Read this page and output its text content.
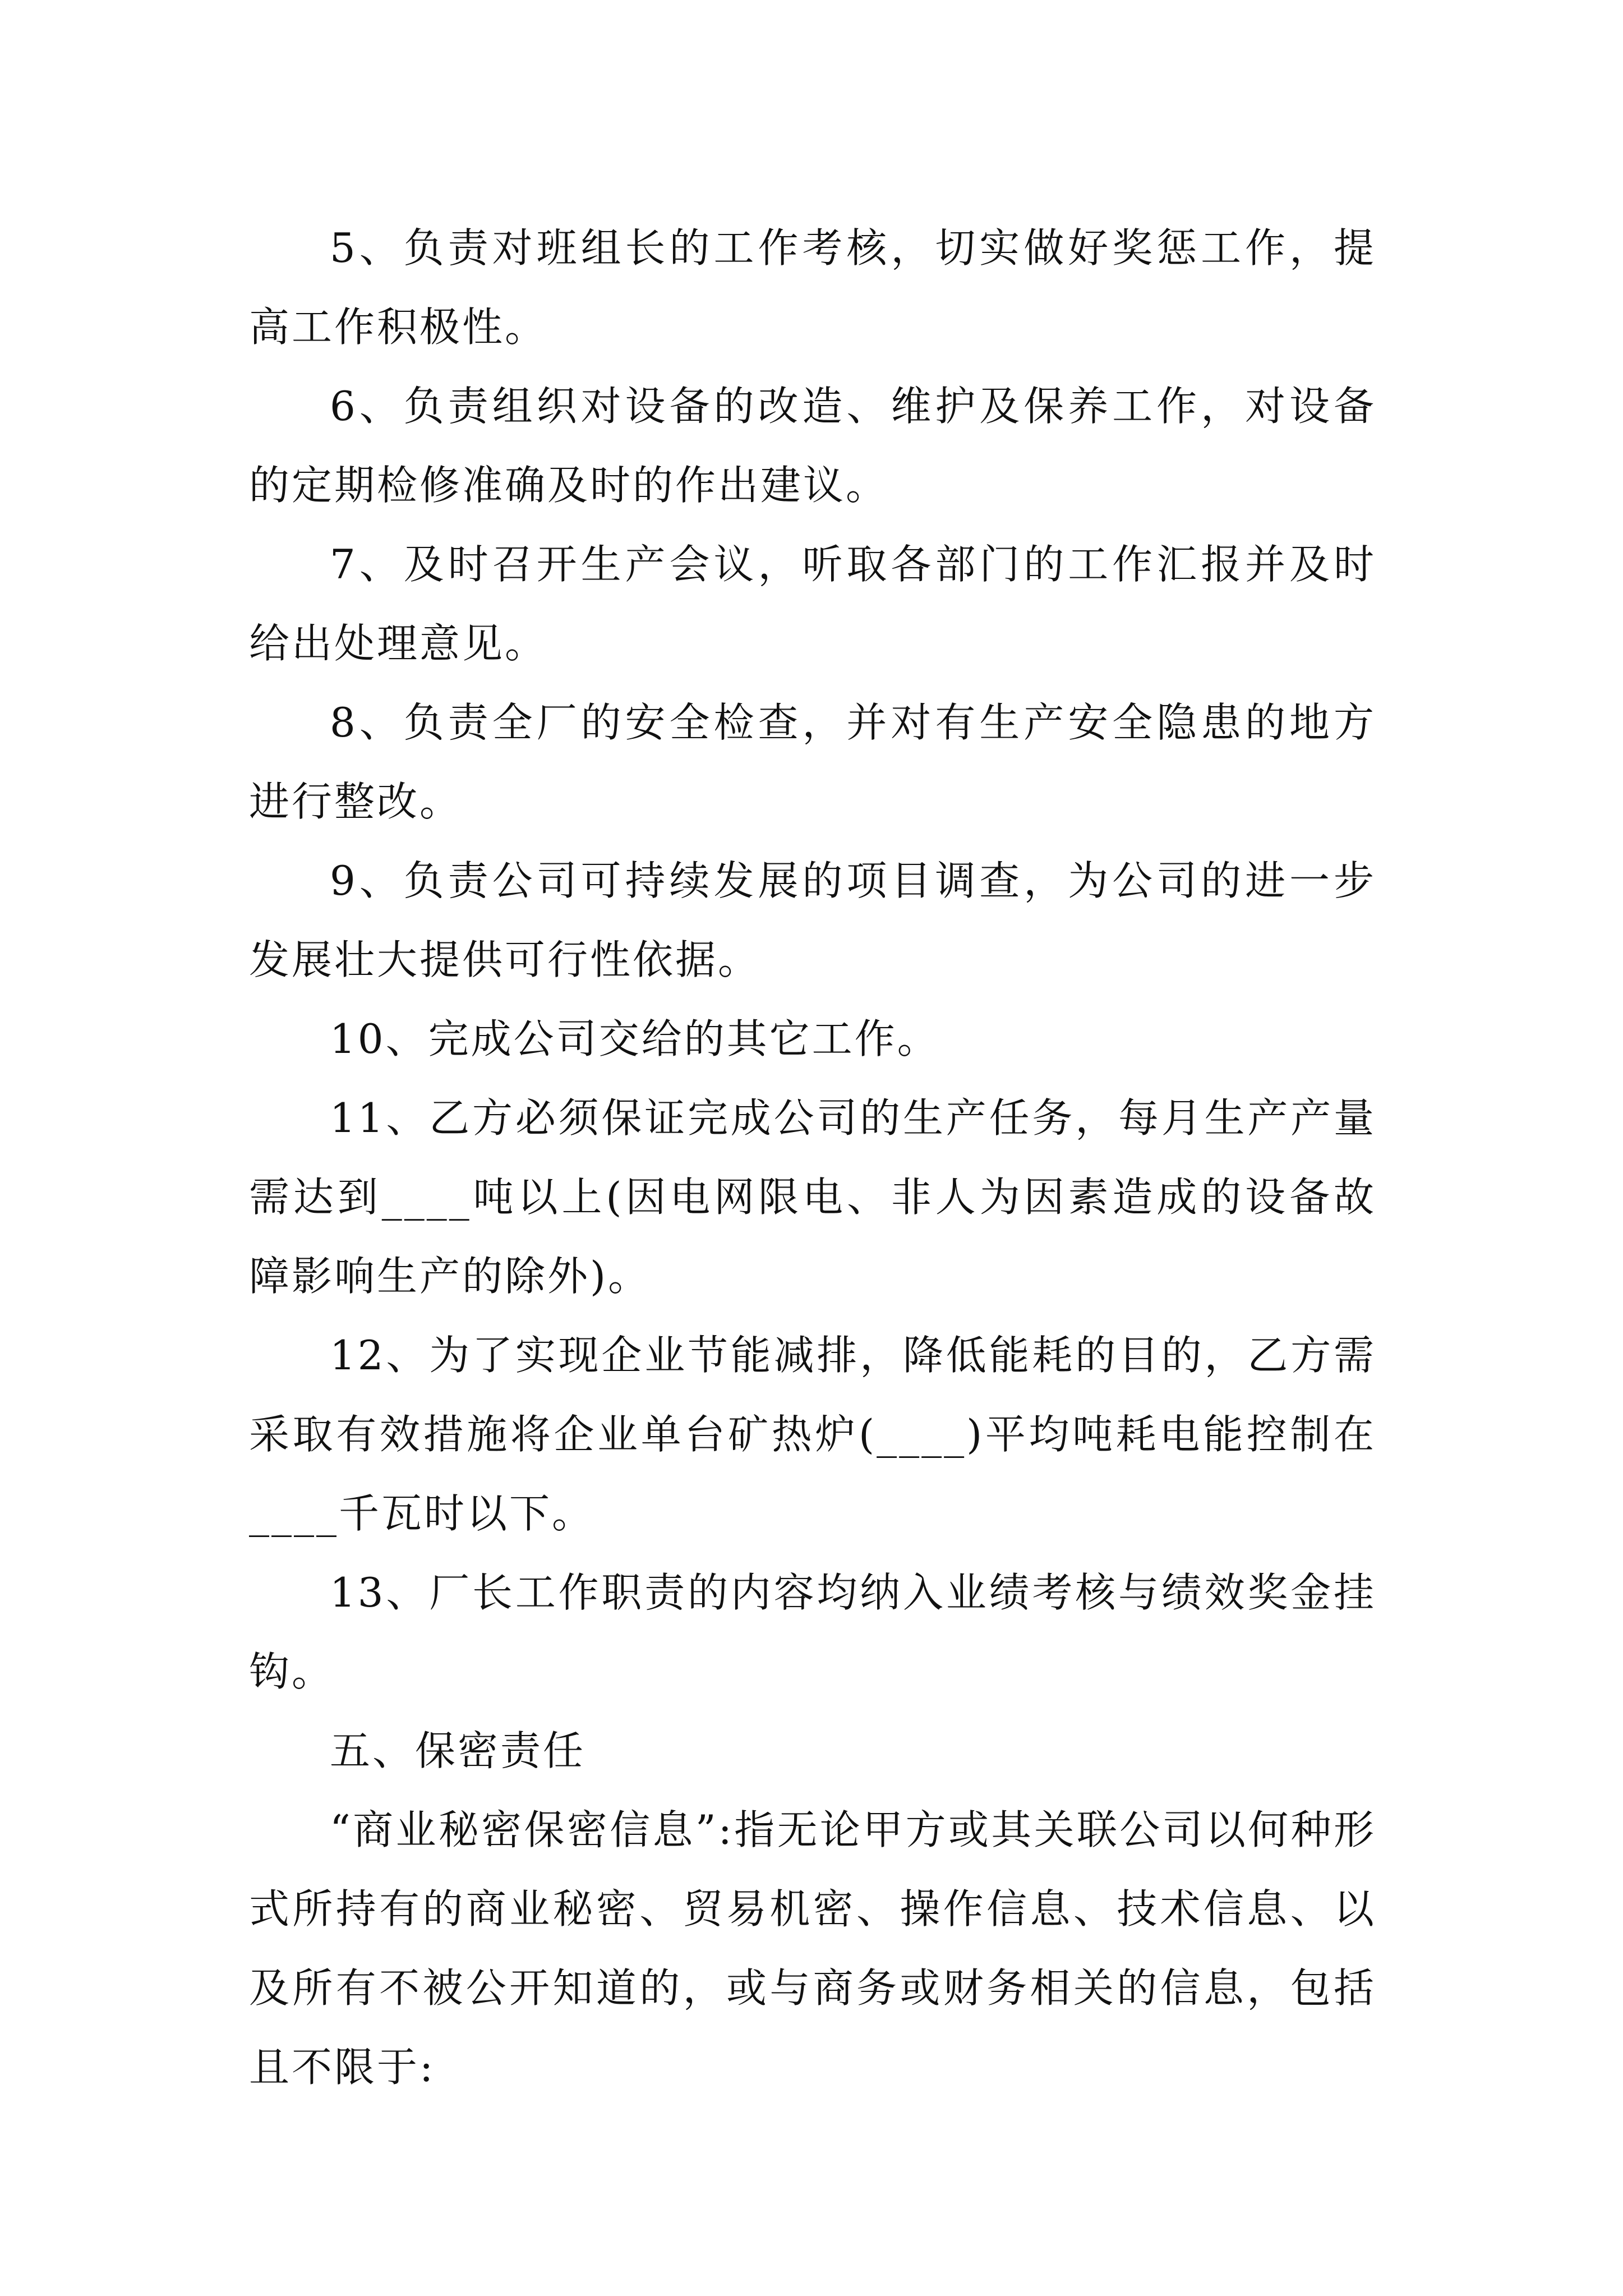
5、负责对班组长的工作考核，切实做好奖惩工作，提高工作积极性。

6、负责组织对设备的改造、维护及保养工作，对设备的定期检修准确及时的作出建议。

7、及时召开生产会议，听取各部门的工作汇报并及时给出处理意见。

8、负责全厂的安全检查，并对有生产安全隐患的地方进行整改。

9、负责公司可持续发展的项目调查，为公司的进一步发展壮大提供可行性依据。

10、完成公司交给的其它工作。

11、乙方必须保证完成公司的生产任务，每月生产产量需达到____吨以上(因电网限电、非人为因素造成的设备故障影响生产的除外)。

12、为了实现企业节能减排，降低能耗的目的，乙方需采取有效措施将企业单台矿热炉(____)平均吨耗电能控制在____千瓦时以下。

13、厂长工作职责的内容均纳入业绩考核与绩效奖金挂钩。

五、保密责任

“商业秘密保密信息”:指无论甲方或其关联公司以何种形式所持有的商业秘密、贸易机密、操作信息、技术信息、以及所有不被公开知道的，或与商务或财务相关的信息，包括且不限于:
